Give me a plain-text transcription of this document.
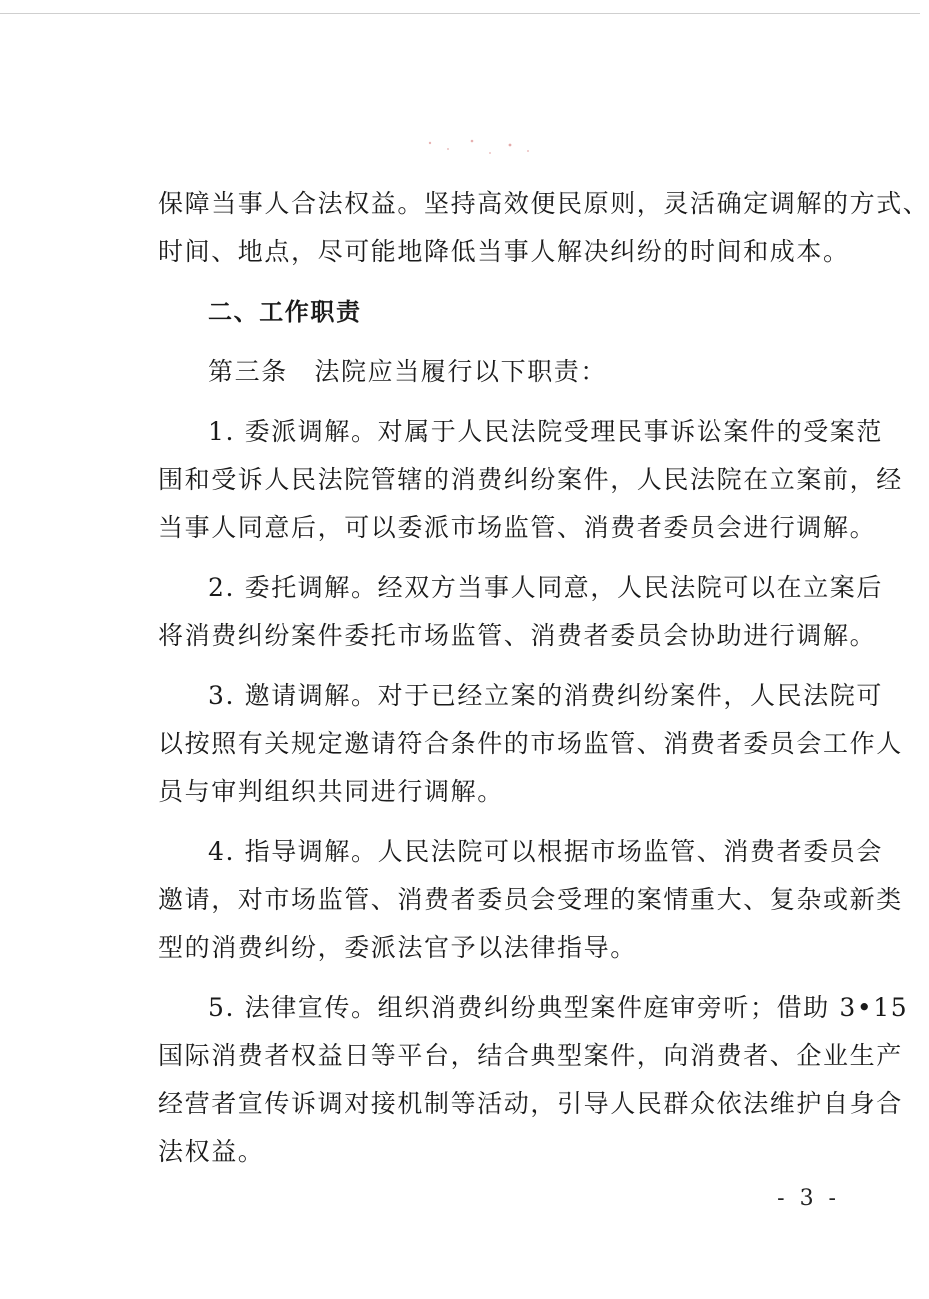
保障当事人合法权益。坚持高效便民原则，灵活确定调解的方式、
时间、地点，尽可能地降低当事人解决纠纷的时间和成本。
二、工作职责
第三条　法院应当履行以下职责：
1. 委派调解。对属于人民法院受理民事诉讼案件的受案范
围和受诉人民法院管辖的消费纠纷案件，人民法院在立案前，经
当事人同意后，可以委派市场监管、消费者委员会进行调解。
2. 委托调解。经双方当事人同意，人民法院可以在立案后
将消费纠纷案件委托市场监管、消费者委员会协助进行调解。
3. 邀请调解。对于已经立案的消费纠纷案件，人民法院可
以按照有关规定邀请符合条件的市场监管、消费者委员会工作人
员与审判组织共同进行调解。
4. 指导调解。人民法院可以根据市场监管、消费者委员会
邀请，对市场监管、消费者委员会受理的案情重大、复杂或新类
型的消费纠纷，委派法官予以法律指导。
5. 法律宣传。组织消费纠纷典型案件庭审旁听；借助 3•15
国际消费者权益日等平台，结合典型案件，向消费者、企业生产
经营者宣传诉调对接机制等活动，引导人民群众依法维护自身合
法权益。
- 3 -
